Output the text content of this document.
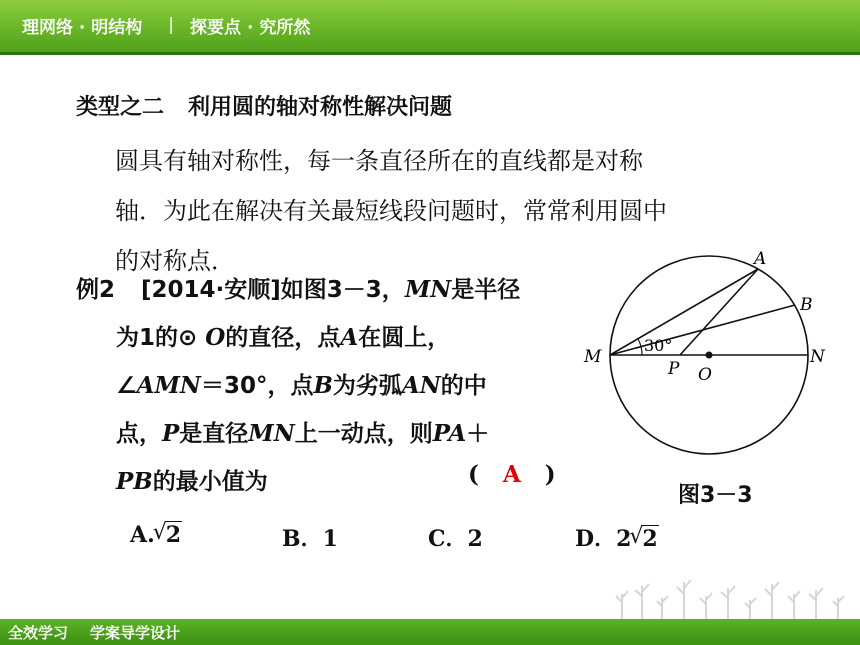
理网络 · 明结构 | 探要点 · 究所然
类型之二 利用圆的轴对称性解决问题
圆具有轴对称性，每一条直径所在的直线都是对称
轴．为此在解决有关最短线段问题时，常常利用圆中
的对称点．
例2 [2014·安顺]如图3－3，MN是半径
为1的⊙ O的直径，点A在圆上，
∠AMN＝30°，点B为劣弧AN的中
点，P是直径MN上一动点，则PA＋
PB的最小值为	( A )
A. √ 2	B．1	C．2	D．2 √ 2
A
B
M	N
P O
30°
图3－3
全效学习 学案导学设计
